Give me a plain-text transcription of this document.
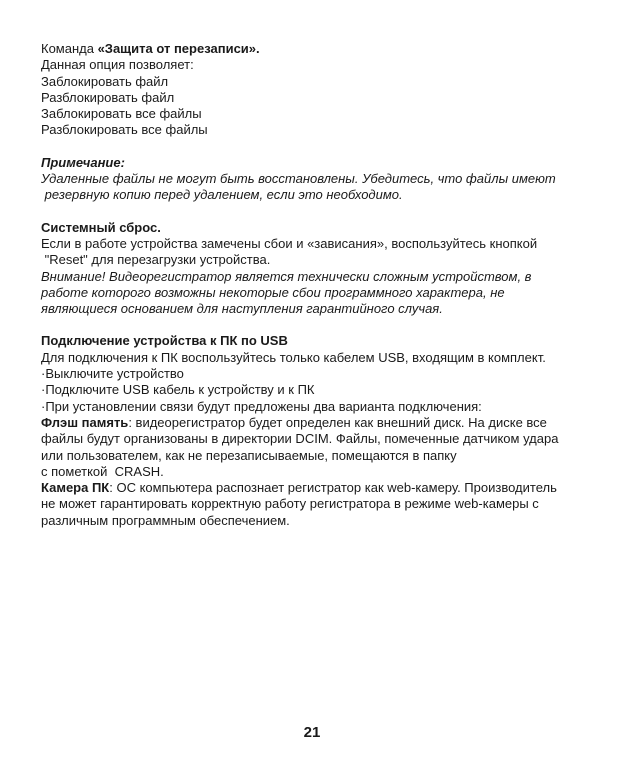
Команда «Защита от перезаписи».
Данная опция позволяет:
Заблокировать файл
Разблокировать файл
Заблокировать все файлы
Разблокировать все файлы
Примечание:
Удаленные файлы не могут быть восстановлены. Убедитесь, что файлы имеют
резервную копию перед удалением, если это необходимо.
Системный сброс.
Если в работе устройства замечены сбои и «зависания», воспользуйтесь кнопкой
"Reset" для перезагрузки устройства.
Внимание! Видеорегистратор является технически сложным устройством, в
работе которого возможны некоторые сбои программного характера, не
являющиеся основанием для наступления гарантийного случая.
Подключение устройства к ПК по USB
Для подключения к ПК воспользуйтесь только кабелем USB, входящим в комплект.
·Выключите устройство
·Подключите USB кабель к устройству и к ПК
·При установлении связи будут предложены два варианта подключения:
Флэш память: видеорегистратор будет определен как внешний диск. На диске все
файлы будут организованы в директории DCIM. Файлы, помеченные датчиком удара
или пользователем, как не перезаписываемые, помещаются в папку
с пометкой  CRASH.
Камера ПК: ОС компьютера распознает регистратор как web-камеру. Производитель
не может гарантировать корректную работу регистратора в режиме web-камеры с
различным программным обеспечением.
21
